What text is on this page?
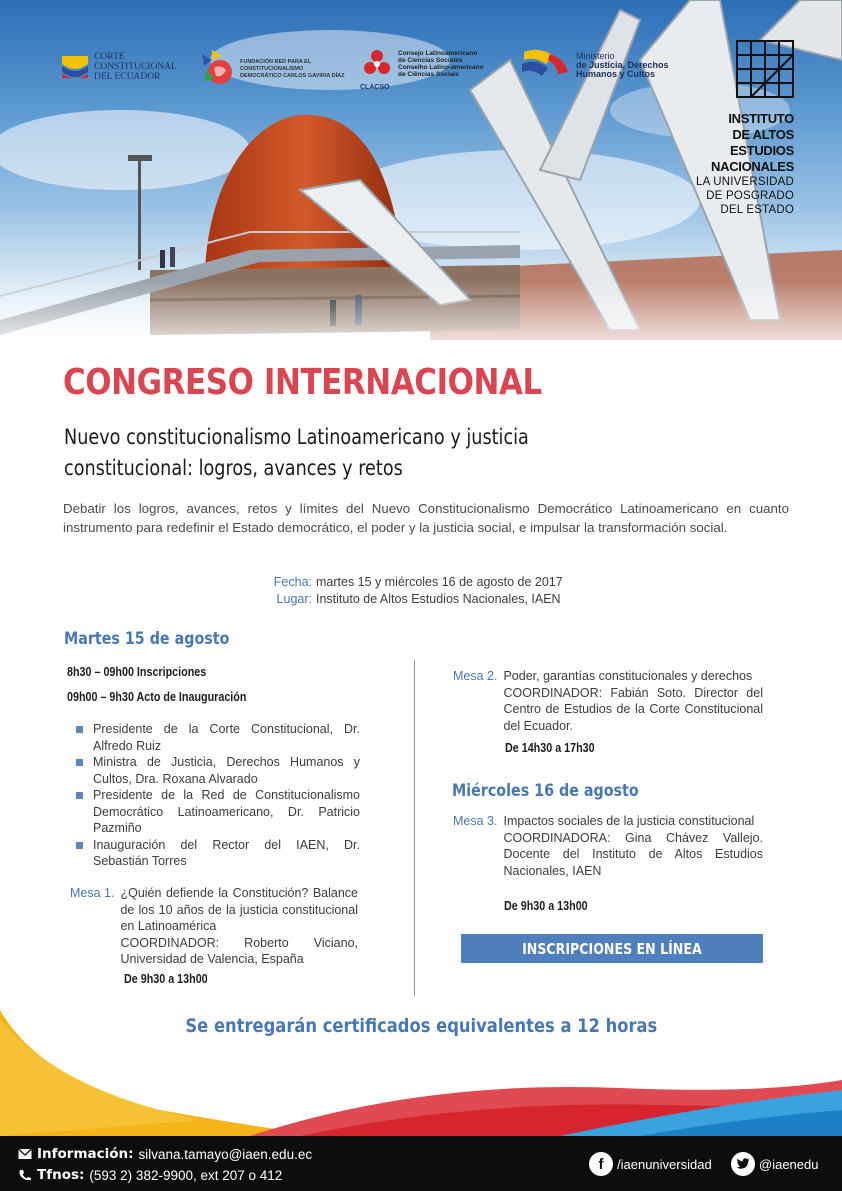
CORTE
CONSTITUCIONAL
DEL ECUADOR
FUNDACIÓN RED PARA EL
CONSTITUCIONALISMO
DEMOCRÁTICO CARLOS GAVIRIA DÍAZ
Consejo Latinoamericano
de Ciencias Sociales
Conselho Latino-americano
de Ciências Sociais
CLACSO
Ministerio
de Justicia, Derechos
Humanos y Cultos
INSTITUTO
DE ALTOS ESTUDIOS
NACIONALES
LA UNIVERSIDAD
DE POSGRADO
DEL ESTADO
CONGRESO INTERNACIONAL
Nuevo constitucionalismo Latinoamericano y justicia
constitucional: logros, avances y retos

Debatir los logros, avances, retos y límites del Nuevo Constitucionalismo Democrático Latinoamericano en cuanto instrumento para redefinir el Estado democrático, el poder y la justicia social, e impulsar la transformación social.

Fecha: martes 15 y miércoles 16 de agosto de 2017
Lugar: Instituto de Altos Estudios Nacionales, IAEN
Martes 15 de agosto
8h30 – 09h00 Inscripciones
09h00 – 9h30 Acto de Inauguración
Presidente de la Corte Constitucional, Dr. Alfredo Ruiz
Ministra de Justicia, Derechos Humanos y Cultos, Dra. Roxana Alvarado
Presidente de la Red de Constitucionalismo Democrático Latinoamericano, Dr. Patricio Pazmiño
Inauguración del Rector del IAEN, Dr. Sebastián Torres
Mesa 1. ¿Quién defiende la Constitución? Balance de los 10 años de la justicia constitucional en Latinoamérica
COORDINADOR: Roberto Viciano, Universidad de Valencia, España
De 9h30 a 13h00
Mesa 2. Poder, garantías constitucionales y derechos
COORDINADOR: Fabián Soto. Director del Centro de Estudios de la Corte Constitucional del Ecuador.
De 14h30 a 17h30
Miércoles 16 de agosto
Mesa 3. Impactos sociales de la justicia constitucional
COORDINADORA: Gina Chávez Vallejo. Docente del Instituto de Altos Estudios Nacionales, IAEN
De 9h30 a 13h00
INSCRIPCIONES EN LÍNEA
Se entregarán certificados equivalentes a 12 horas
Información: silvana.tamayo@iaen.edu.ec
Tfnos: (593 2) 382-9900, ext 207 o 412
f	/iaenuniversidad	@iaenedu
